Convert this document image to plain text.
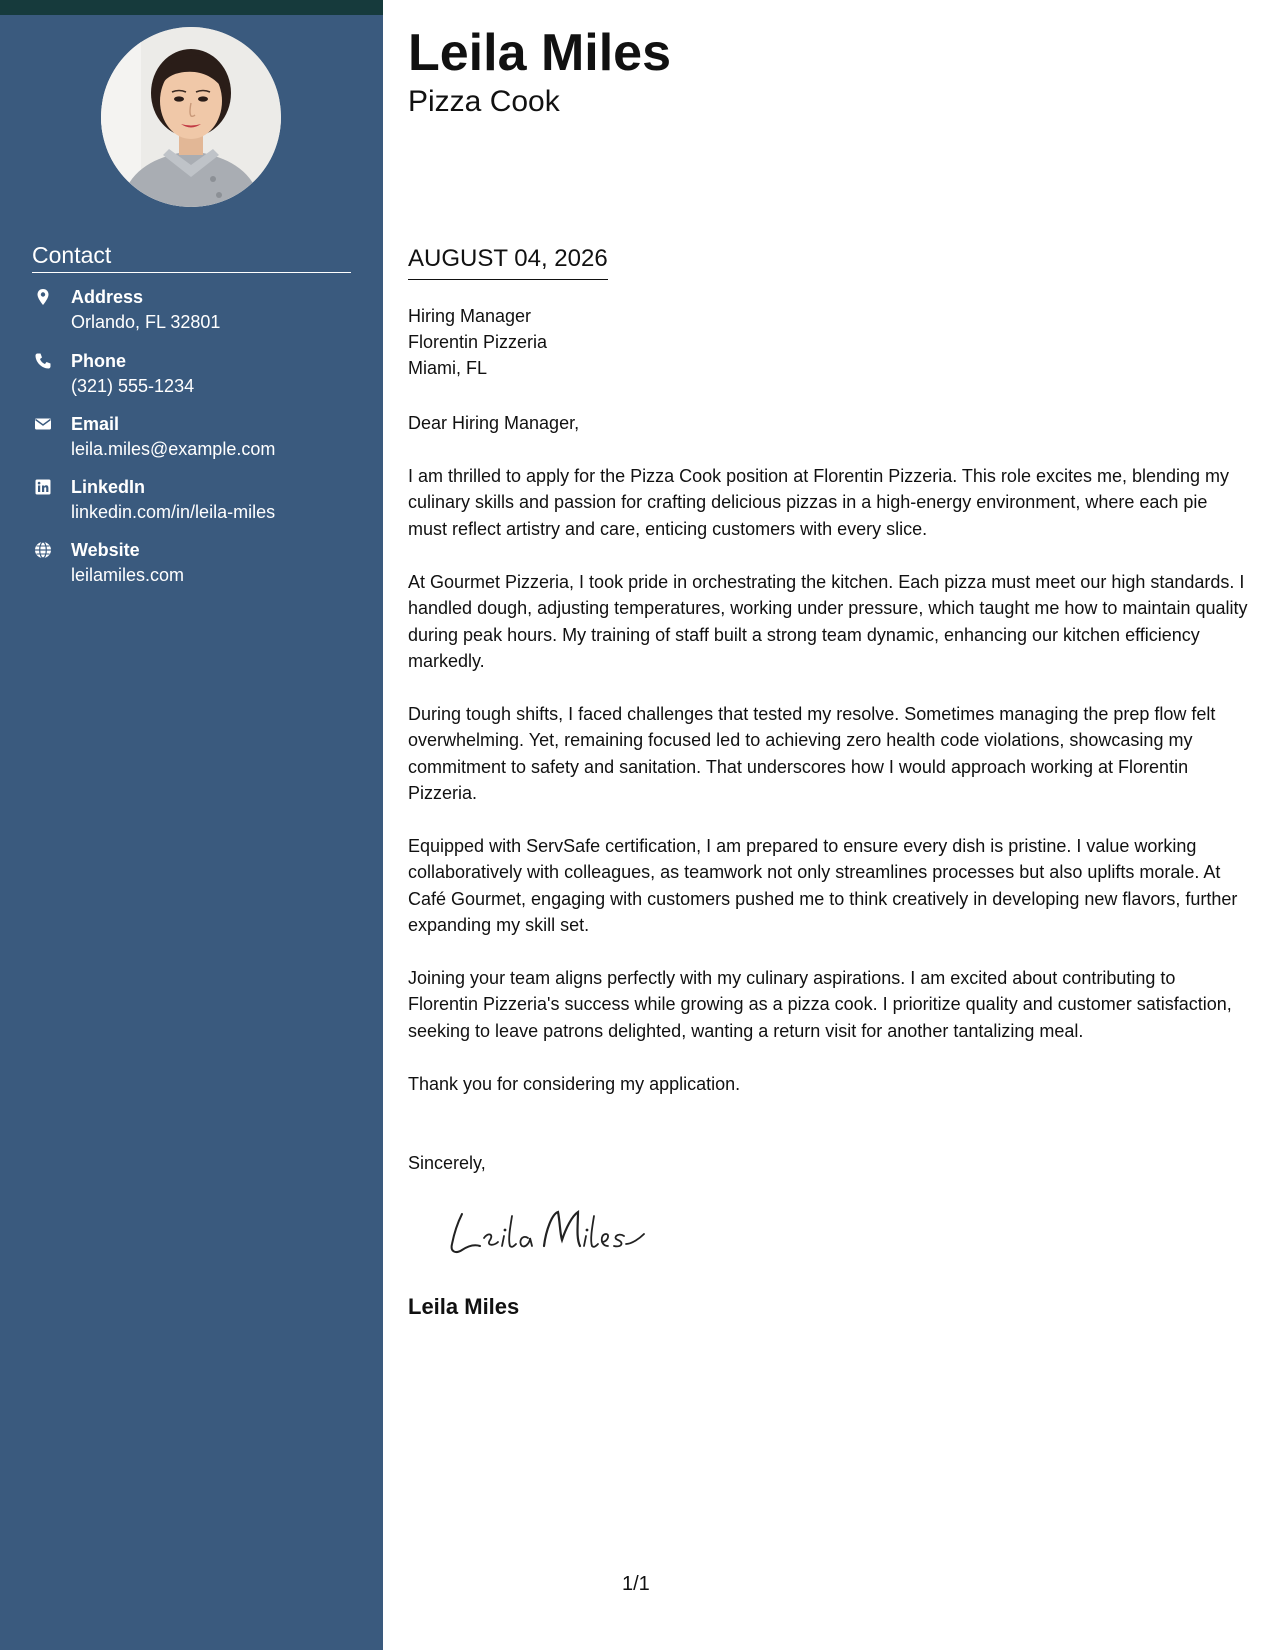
Contact
Address
Orlando, FL 32801
Phone
(321) 555-1234
Email
leila.miles@example.com
LinkedIn
linkedin.com/in/leila-miles
Website
leilamiles.com
Leila Miles
Pizza Cook
AUGUST 04, 2026
Hiring Manager
Florentin Pizzeria
Miami, FL
Dear Hiring Manager,
I am thrilled to apply for the Pizza Cook position at Florentin Pizzeria. This role excites me, blending my culinary skills and passion for crafting delicious pizzas in a high-energy environment, where each pie must reflect artistry and care, enticing customers with every slice.
At Gourmet Pizzeria, I took pride in orchestrating the kitchen. Each pizza must meet our high standards. I handled dough, adjusting temperatures, working under pressure, which taught me how to maintain quality during peak hours. My training of staff built a strong team dynamic, enhancing our kitchen efficiency markedly.
During tough shifts, I faced challenges that tested my resolve. Sometimes managing the prep flow felt overwhelming. Yet, remaining focused led to achieving zero health code violations, showcasing my commitment to safety and sanitation. That underscores how I would approach working at Florentin Pizzeria.
Equipped with ServSafe certification, I am prepared to ensure every dish is pristine. I value working collaboratively with colleagues, as teamwork not only streamlines processes but also uplifts morale. At Café Gourmet, engaging with customers pushed me to think creatively in developing new flavors, further expanding my skill set.
Joining your team aligns perfectly with my culinary aspirations. I am excited about contributing to Florentin Pizzeria's success while growing as a pizza cook. I prioritize quality and customer satisfaction, seeking to leave patrons delighted, wanting a return visit for another tantalizing meal.
Thank you for considering my application.
Sincerely,
Leila Miles
1/1
